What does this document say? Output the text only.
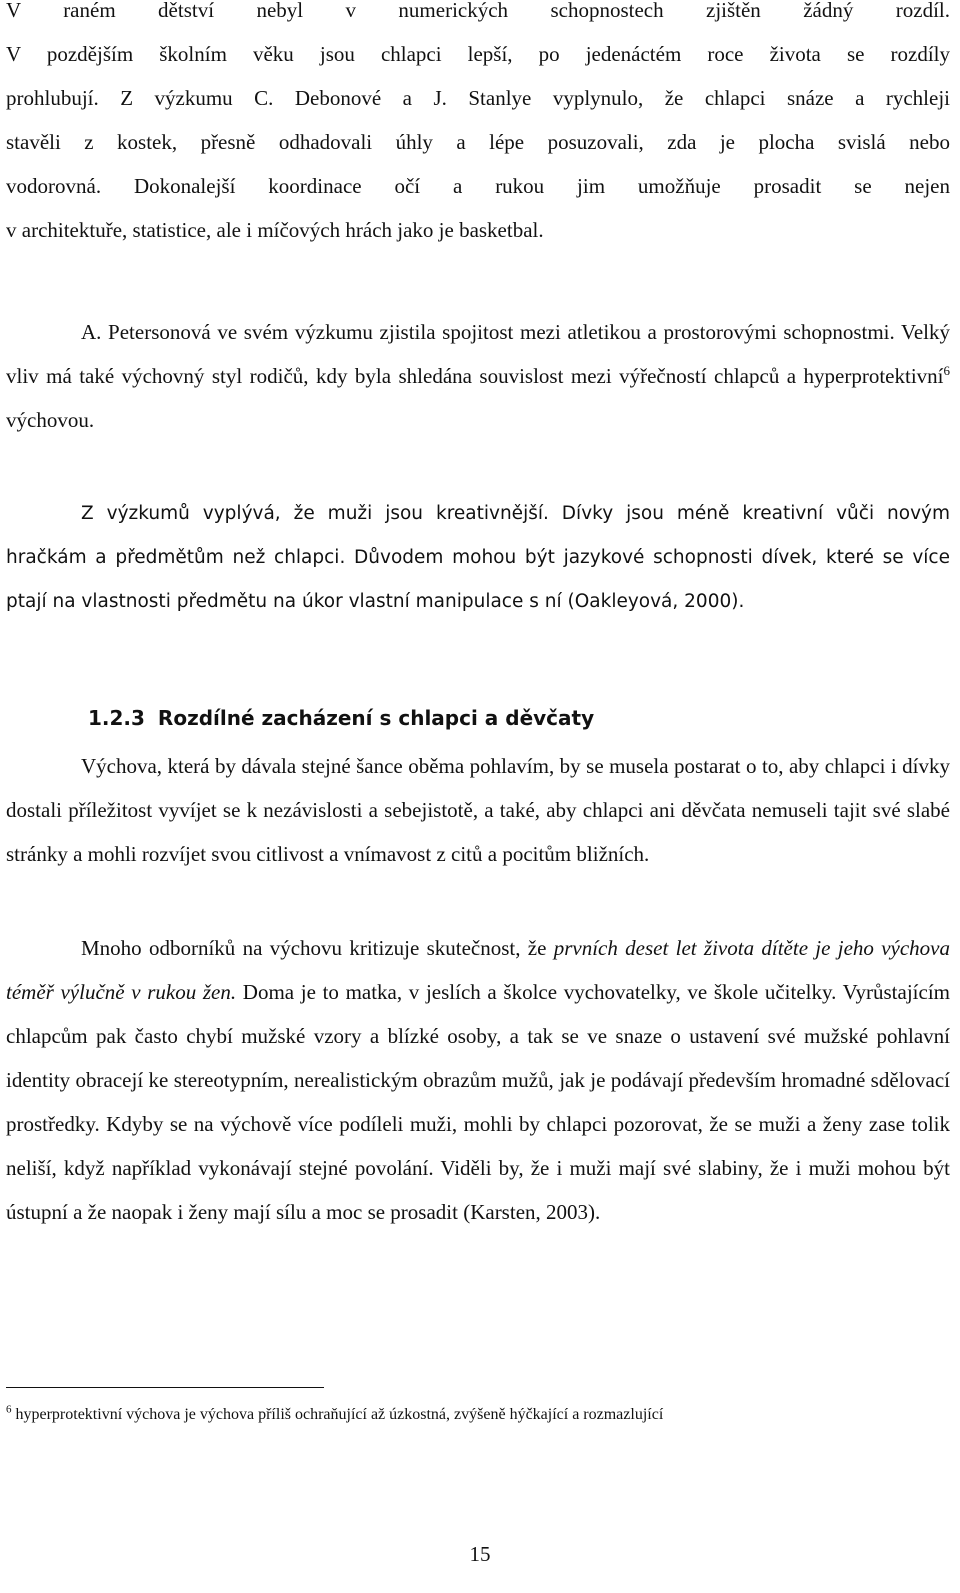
V raném dětství nebyl v numerických schopnostech zjištěn žádný rozdíl.
V pozdějším školním věku jsou chlapci lepší, po jedenáctém roce života se rozdíly
prohlubují. Z výzkumu C. Debonové a J. Stanlye vyplynulo, že chlapci snáze a rychleji
stavěli z kostek, přesně odhadovali úhly a lépe posuzovali, zda je plocha svislá nebo
vodorovná. Dokonalejší koordinace očí a rukou jim umožňuje prosadit se nejen
v architektuře, statistice, ale i míčových hrách jako je basketbal.

A. Petersonová ve svém výzkumu zjistila spojitost mezi atletikou a prostorovými schopnostmi. Velký vliv má také výchovný styl rodičů, kdy byla shledána souvislost mezi výřečností chlapců a hyperprotektivní$^6$ výchovou.

Z výzkumů vyplývá, že muži jsou kreativnější. Dívky jsou méně kreativní vůči novým hračkám a předmětům než chlapci. Důvodem mohou být jazykové schopnosti dívek, které se více ptají na vlastnosti předmětu na úkor vlastní manipulace s ní (Oakleyová, 2000).

1.2.3 Rozdílné zacházení s chlapci a děvčaty

Výchova, která by dávala stejné šance oběma pohlavím, by se musela postarat o to, aby chlapci i dívky dostali příležitost vyvíjet se k nezávislosti a sebejistotě, a také, aby chlapci ani děvčata nemuseli tajit své slabé stránky a mohli rozvíjet svou citlivost a vnímavost z citů a pocitům bližních.

Mnoho odborníků na výchovu kritizuje skutečnost, že prvních deset let života dítěte je jeho výchova téměř výlučně v rukou žen. Doma je to matka, v jeslích a školce vychovatelky, ve škole učitelky. Vyrůstajícím chlapcům pak často chybí mužské vzory a blízké osoby, a tak se ve snaze o ustavení své mužské pohlavní identity obracejí ke stereotypním, nerealistickým obrazům mužů, jak je podávají především hromadné sdělovací prostředky. Kdyby se na výchově více podíleli muži, mohli by chlapci pozorovat, že se muži a ženy zase tolik neliší, když například vykonávají stejné povolání. Viděli by, že i muži mají své slabiny, že i muži mohou být ústupní a že naopak i ženy mají sílu a moc se prosadit (Karsten, 2003).

$^6$ hyperprotektivní výchova je výchova příliš ochraňující až úzkostná, zvýšeně hýčkající a rozmazlující

15
